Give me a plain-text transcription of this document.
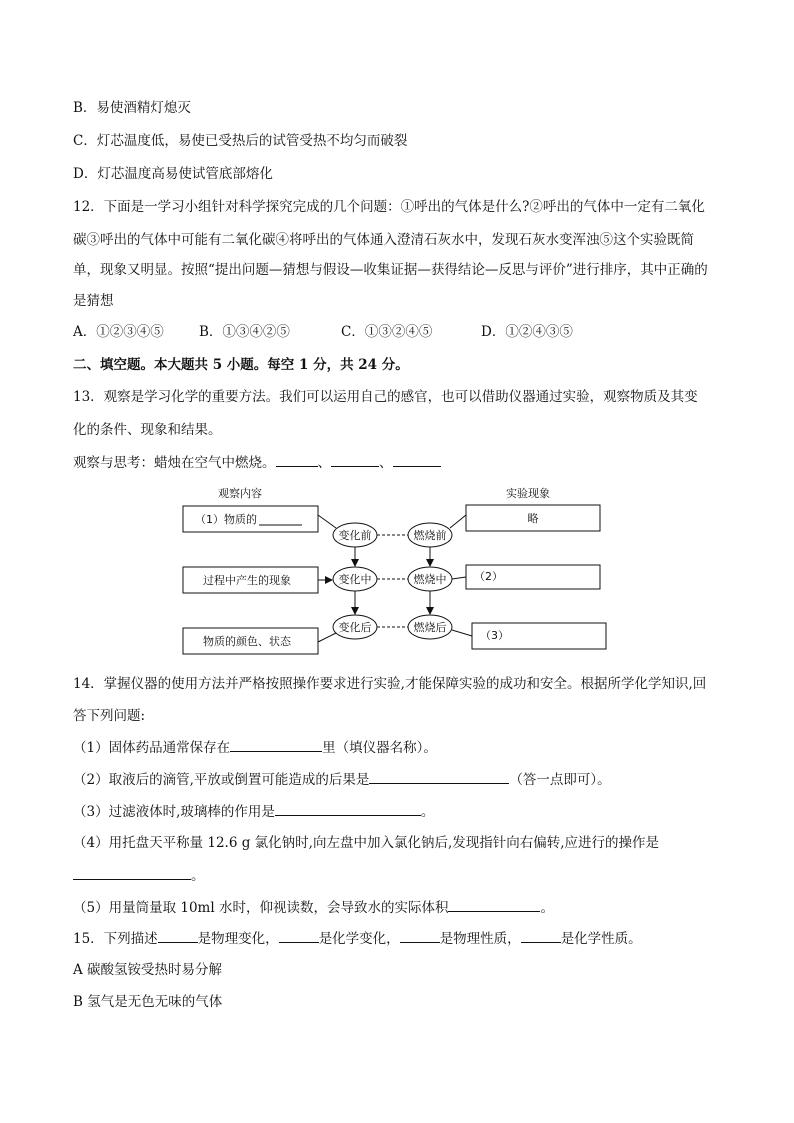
B．易使酒精灯熄灭
C．灯芯温度低，易使已受热后的试管受热不均匀而破裂
D．灯芯温度高易使试管底部熔化
12．下面是一学习小组针对科学探究完成的几个问题：①呼出的气体是什么?②呼出的气体中一定有二氧化
碳③呼出的气体中可能有二氧化碳④将呼出的气体通入澄清石灰水中，发现石灰水变浑浊⑤这个实验既简
单，现象又明显。按照“提出问题—猜想与假设—收集证据—获得结论—反思与评价”进行排序，其中正确的
是猜想
A．①②③④⑤	B．①③④②⑤	C．①③②④⑤	D．①②④③⑤
二、填空题。本大题共 5 小题。每空 1 分，共 24 分。
13．观察是学习化学的重要方法。我们可以运用自己的感官，也可以借助仪器通过实验，观察物质及其变
化的条件、现象和结果。
观察与思考：蜡烛在空气中燃烧。	、	、
观察内容	实验现象
（1）物质的
过程中产生的现象
物质的颜色、状态
变化前
变化中
变化后
燃烧前
燃烧中
燃烧后
略
（2）
（3）
14．掌握仪器的使用方法并严格按照操作要求进行实验,才能保障实验的成功和安全。根据所学化学知识,回
答下列问题:
（1）固体药品通常保存在	里（填仪器名称）。
（2）取液后的滴管,平放或倒置可能造成的后果是	（答一点即可）。
（3）过滤液体时,玻璃棒的作用是	。
（4）用托盘天平称量 12.6 g 氯化钠时,向左盘中加入氯化钠后,发现指针向右偏转,应进行的操作是
。
（5）用量筒量取 10ml 水时，仰视读数，会导致水的实际体积	。
15．下列描述	是物理变化，	是化学变化，	是物理性质，	是化学性质。
A 碳酸氢铵受热时易分解
B 氢气是无色无味的气体
